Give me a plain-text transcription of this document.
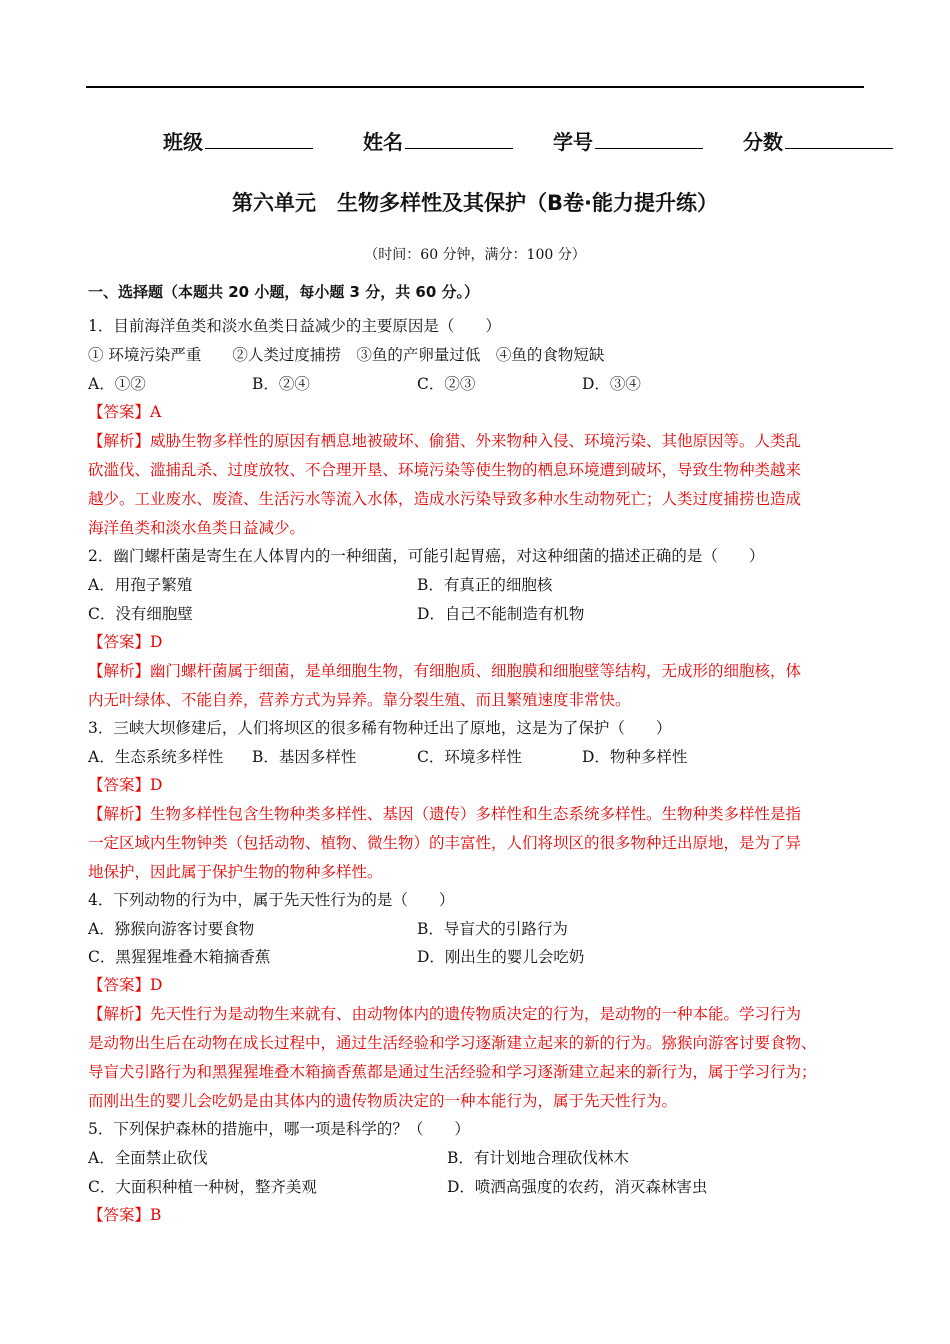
班级	姓名	学号	分数
第六单元　生物多样性及其保护（B卷·能力提升练）
（时间：60 分钟，满分：100 分）
一、选择题（本题共 20 小题，每小题 3 分，共 60 分。）
1．目前海洋鱼类和淡水鱼类日益减少的主要原因是（　　）
① 环境污染严重　　②人类过度捕捞　③鱼的产卵量过低　④鱼的食物短缺
A．①②	B．②④	C．②③	D．③④
【答案】A
【解析】威胁生物多样性的原因有栖息地被破坏、偷猎、外来物种入侵、环境污染、其他原因等。人类乱
砍滥伐、滥捕乱杀、过度放牧、不合理开垦、环境污染等使生物的栖息环境遭到破坏，导致生物种类越来
越少。工业废水、废渣、生活污水等流入水体，造成水污染导致多种水生动物死亡；人类过度捕捞也造成
海洋鱼类和淡水鱼类日益减少。
2．幽门螺杆菌是寄生在人体胃内的一种细菌，可能引起胃癌，对这种细菌的描述正确的是（　　）
A．用孢子繁殖	B．有真正的细胞核
C．没有细胞壁	D．自己不能制造有机物
【答案】D
【解析】幽门螺杆菌属于细菌，是单细胞生物，有细胞质、细胞膜和细胞壁等结构，无成形的细胞核，体
内无叶绿体、不能自养，营养方式为异养。靠分裂生殖、而且繁殖速度非常快。
3．三峡大坝修建后，人们将坝区的很多稀有物种迁出了原地，这是为了保护（　　）
A．生态系统多样性 B．基因多样性	C．环境多样性	D．物种多样性
【答案】D
【解析】生物多样性包含生物种类多样性、基因（遗传）多样性和生态系统多样性。生物种类多样性是指
一定区域内生物钟类（包括动物、植物、微生物）的丰富性，人们将坝区的很多物种迁出原地，是为了异
地保护，因此属于保护生物的物种多样性。
4．下列动物的行为中，属于先天性行为的是（　　）
A．猕猴向游客讨要食物	B．导盲犬的引路行为
C．黑猩猩堆叠木箱摘香蕉	D．刚出生的婴儿会吃奶
【答案】D
【解析】先天性行为是动物生来就有、由动物体内的遗传物质决定的行为，是动物的一种本能。学习行为
是动物出生后在动物在成长过程中，通过生活经验和学习逐渐建立起来的新的行为。猕猴向游客讨要食物、
导盲犬引路行为和黑猩猩堆叠木箱摘香蕉都是通过生活经验和学习逐渐建立起来的新行为，属于学习行为；
而刚出生的婴儿会吃奶是由其体内的遗传物质决定的一种本能行为，属于先天性行为。
5．下列保护森林的措施中，哪一项是科学的？（　　）
A．全面禁止砍伐	B．有计划地合理砍伐林木
C．大面积种植一种树，整齐美观	D．喷洒高强度的农药，消灭森林害虫
【答案】B
